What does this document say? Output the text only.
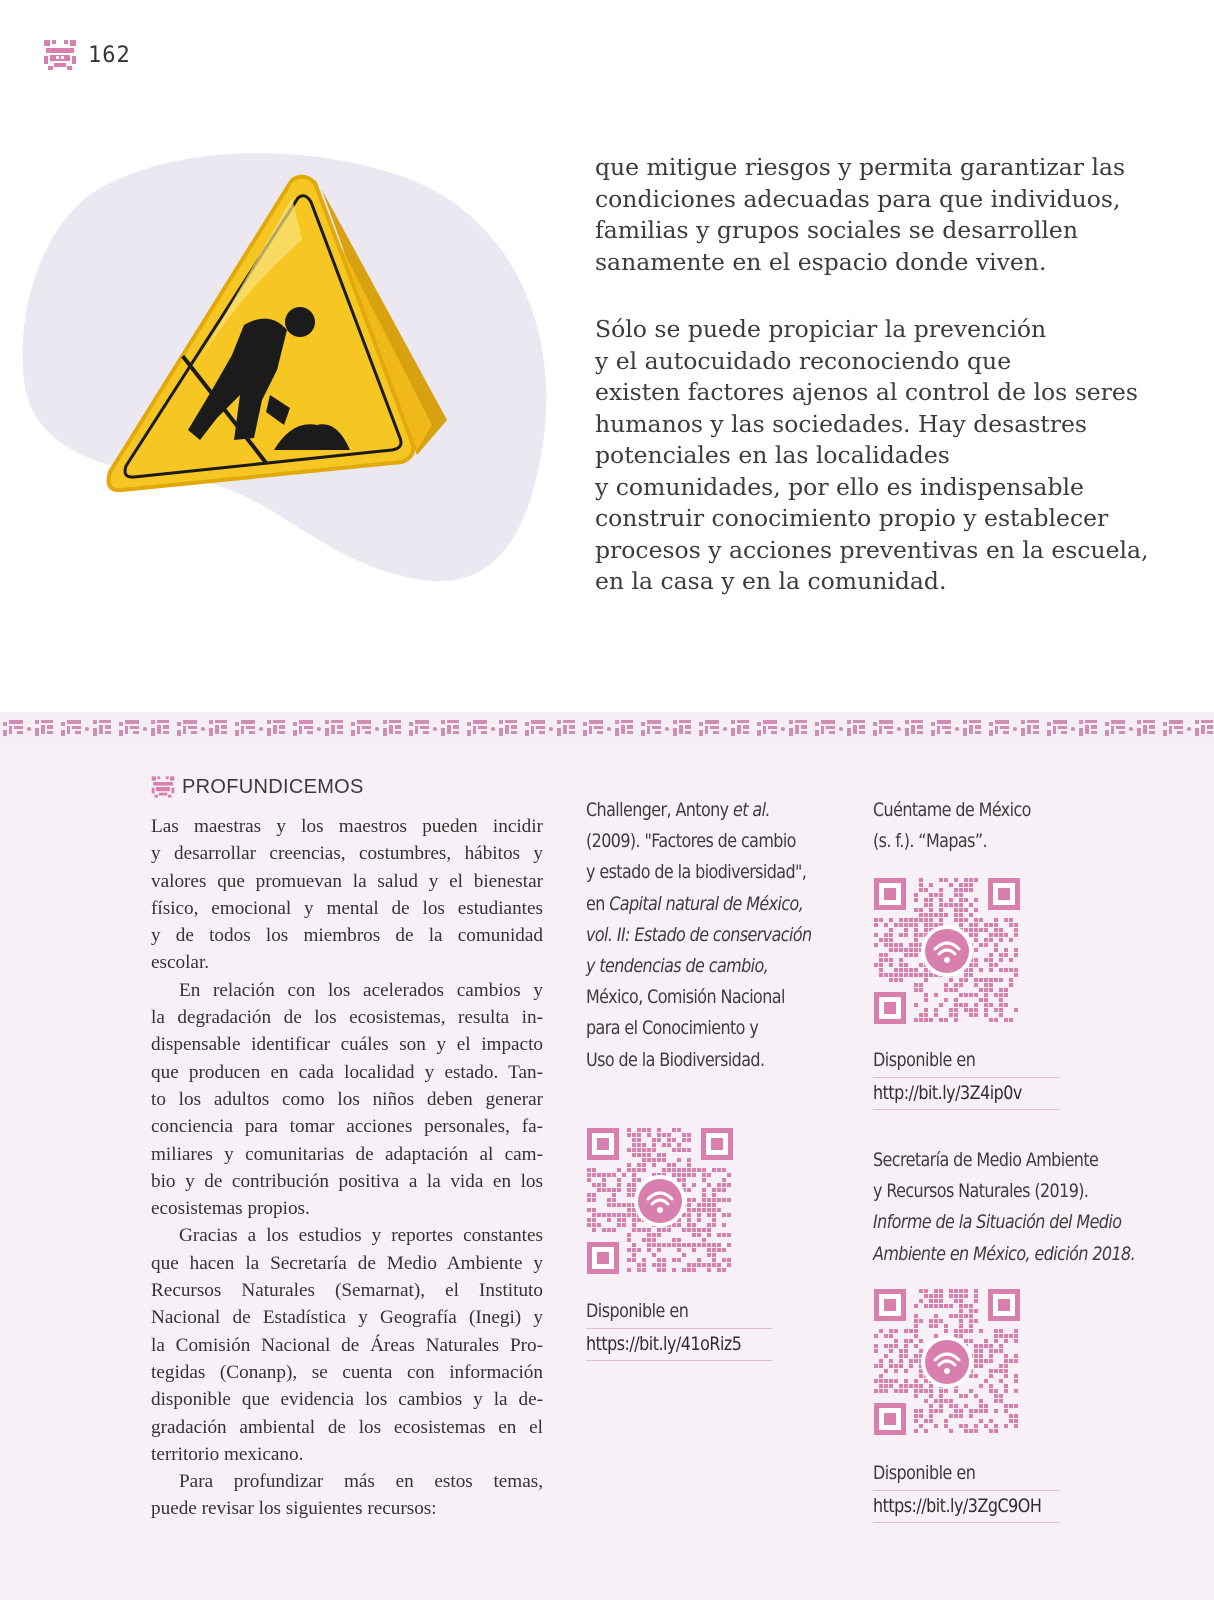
162

que mitigue riesgos y permita garantizar las
condiciones adecuadas para que individuos,
familias y grupos sociales se desarrollen
sanamente en el espacio donde viven.

Sólo se puede propiciar la prevención
y el autocuidado reconociendo que
existen factores ajenos al control de los seres
humanos y las sociedades. Hay desastres
potenciales en las localidades
y comunidades, por ello es indispensable
construir conocimiento propio y establecer
procesos y acciones preventivas en la escuela,
en la casa y en la comunidad.

PROFUNDICEMOS

Las maestras y los maestros pueden incidir
y desarrollar creencias, costumbres, hábitos y
valores que promuevan la salud y el bienestar
físico, emocional y mental de los estudiantes
y de todos los miembros de la comunidad
escolar.

En relación con los acelerados cambios y
la degradación de los ecosistemas, resulta in-
dispensable identificar cuáles son y el impacto
que producen en cada localidad y estado. Tan-
to los adultos como los niños deben generar
conciencia para tomar acciones personales, fa-
miliares y comunitarias de adaptación al cam-
bio y de contribución positiva a la vida en los
ecosistemas propios.

Gracias a los estudios y reportes constantes
que hacen la Secretaría de Medio Ambiente y
Recursos Naturales (Semarnat), el Instituto
Nacional de Estadística y Geografía (Inegi) y
la Comisión Nacional de Áreas Naturales Pro-
tegidas (Conanp), se cuenta con información
disponible que evidencia los cambios y la de-
gradación ambiental de los ecosistemas en el
territorio mexicano.

Para profundizar más en estos temas,
puede revisar los siguientes recursos:

Challenger, Antony et al.
(2009). "Factores de cambio
y estado de la biodiversidad",
en Capital natural de México,
vol. II: Estado de conservación
y tendencias de cambio,
México, Comisión Nacional
para el Conocimiento y
Uso de la Biodiversidad.
Disponible en
https://bit.ly/41oRiz5
Cuéntame de México
(s. f.). “Mapas”.
Disponible en
http://bit.ly/3Z4ip0v
Secretaría de Medio Ambiente
y Recursos Naturales (2019).
Informe de la Situación del Medio
Ambiente en México, edición 2018.
Disponible en
https://bit.ly/3ZgC9OH
